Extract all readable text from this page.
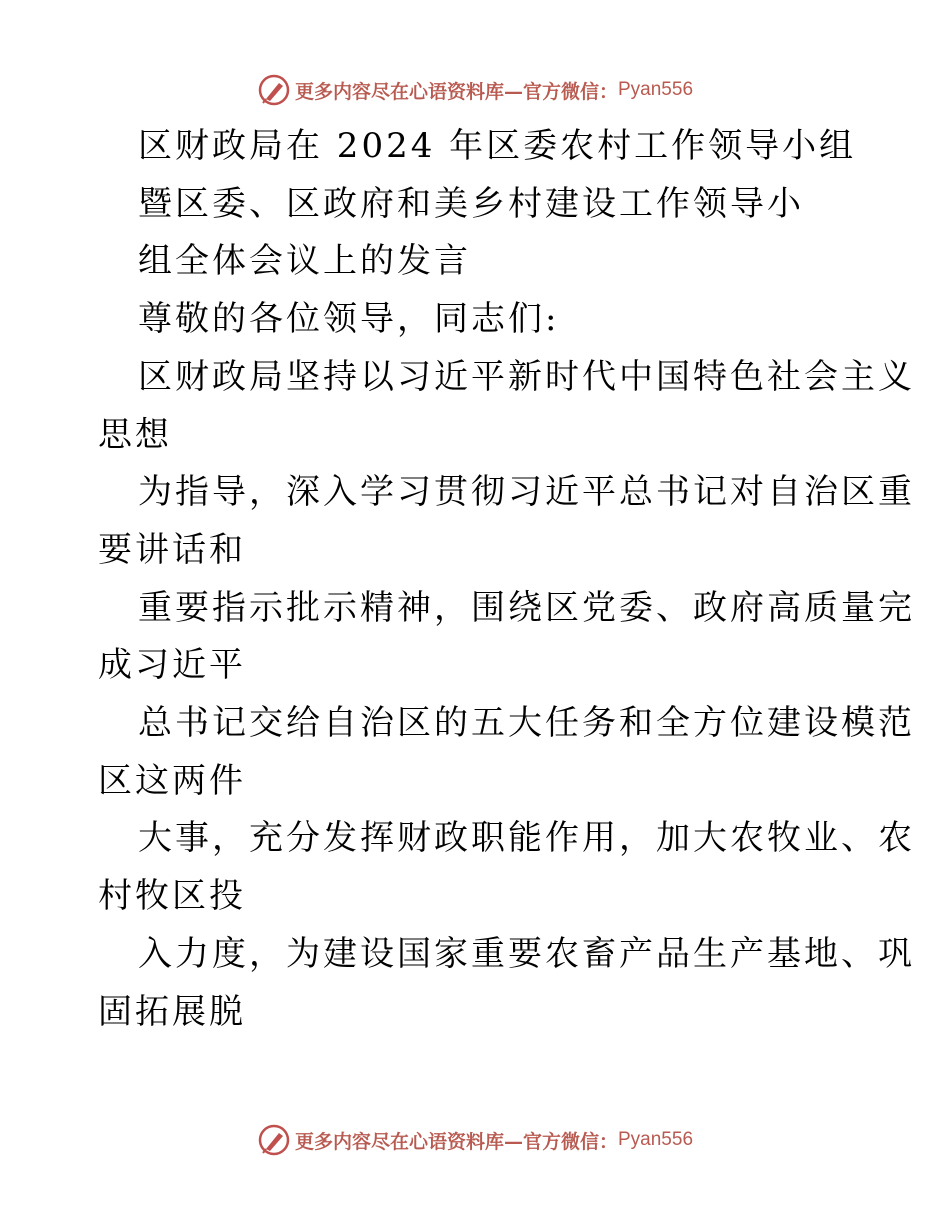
更多内容尽在心语资料库—官方微信： Pyan556
区财政局在 2024 年区委农村工作领导小组
暨区委、区政府和美乡村建设工作领导小
组全体会议上的发言
尊敬的各位领导，同志们:
区财政局坚持以习近平新时代中国特色社会主义
思想
为指导，深入学习贯彻习近平总书记对自治区重
要讲话和
重要指示批示精神，围绕区党委、政府高质量完
成习近平
总书记交给自治区的五大任务和全方位建设模范
区这两件
大事，充分发挥财政职能作用，加大农牧业、农
村牧区投
入力度，为建设国家重要农畜产品生产基地、巩
固拓展脱
更多内容尽在心语资料库—官方微信： Pyan556
